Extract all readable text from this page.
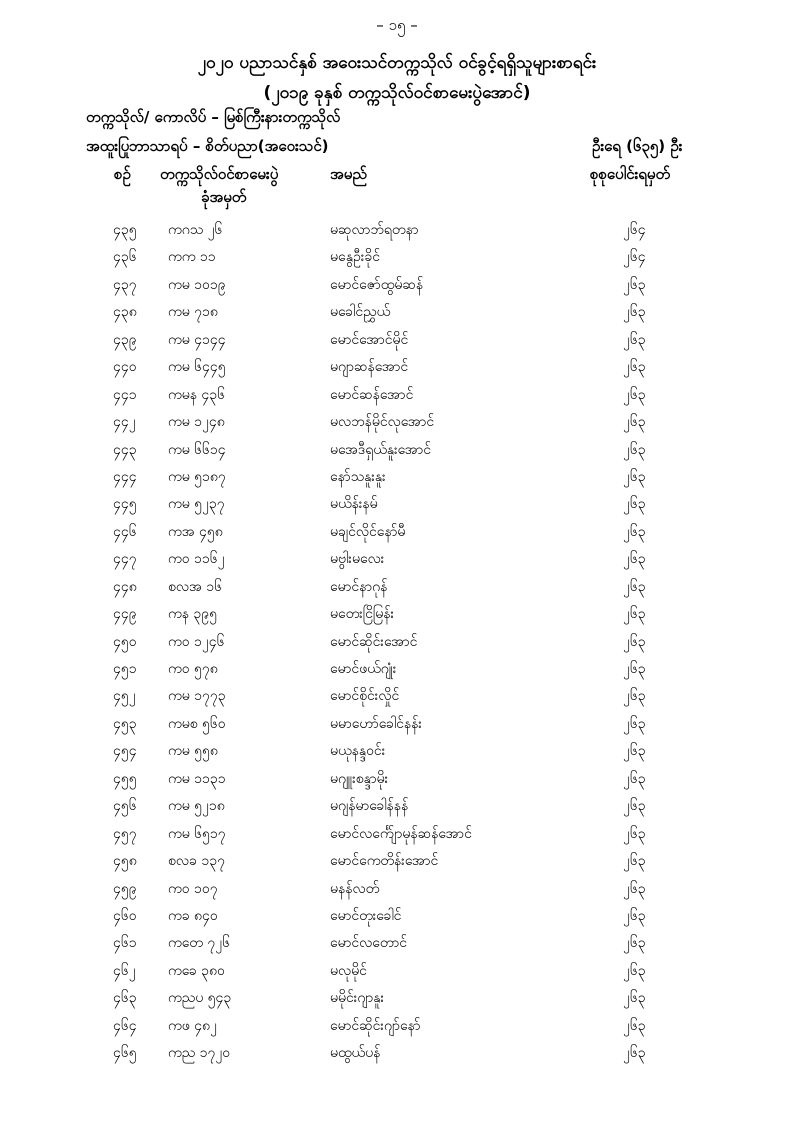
– ၁၅ –
၂၀၂၀ ပညာသင်နှစ် အဝေးသင်တက္ကသိုလ် ဝင်ခွင့်ရရှိသူများစာရင်း
(၂၀၁၉ ခုနှစ် တက္ကသိုလ်ဝင်စာမေးပွဲအောင်)
တက္ကသိုလ်/ ကောလိပ် – မြစ်ကြီးနားတက္ကသိုလ်
အထူးပြုဘာသာရပ် – စိတ်ပညာ(အဝေးသင်)	ဦးရေ (၆၃၅) ဦး
စဉ် တက္ကသိုလ်ဝင်စာမေးပွဲ
ခုံအမှတ်
အမည်	စုစုပေါင်းရမှတ်
၄၃၅ ကဂသ ၂၆	မဆုလာဘ်ရတနာ	၂၆၄
၄၃၆ ကက ၁၁	မနွေဦးခိုင်	၂၆၄
၄၃၇ ကမ ၁၀၁၉	မောင်ဇော်ထွမ်ဆန်	၂၆၃
၄၃၈ ကမ ၇၁၈	မခေါင်ညွှယ်	၂၆၃
၄၃၉ ကမ ၄၁၄၄	မောင်အောင်မိုင်	၂၆၃
၄၄၀ ကမ ၆၄၄၅	မဂျာဆန်အောင်	၂၆၃
၄၄၁ ကမန ၄၃၆	မောင်ဆန်အောင်	၂၆၃
၄၄၂ ကမ ၁၂၄၈	မလဘန်မိုင်လုအောင်	၂၆၃
၄၄၃ ကမ ၆၆၁၄	မအေဒီရှယ်နူးအောင်	၂၆၃
၄၄၄ ကမ ၅၁၈၇	နော်သနူးနူး	၂၆၃
၄၄၅ ကမ ၅၂၃၇	မယိန်းနမ်	၂၆၃
၄၄၆ ကအ ၄၅၈	မချင်လိုင်နော်မီ	၂၆၃
၄၄၇ ကဝ ၁၁၆၂	မဗွါးမလေး	၂၆၃
၄၄၈ စလအ ၁၆	မောင်နာဂုန်	၂၆၃
၄၄၉ ကန ၃၉၅	မတေးငြိမြန်း	၂၆၃
၄၅၀ ကဝ ၁၂၄၆	မောင်ဆိုင်းအောင်	၂၆၃
၄၅၁ ကဝ ၅၇၈	မောင်ဖယ်ဂျုံး	၂၆၃
၄၅၂ ကမ ၁၇၇၃	မောင်စိုင်းလှိုင်	၂၆၃
၄၅၃ ကမစ ၅၆၀	မမာဟော်ခေါင်နန်း	၂၆၃
၄၅၄ ကမ ၅၅၈	မယုနန္ဒဝင်း	၂၆၃
၄၅၅ ကမ ၁၁၃၁	မဂျူးစန္ဒာမိုး	၂၆၃
၄၅၆ ကမ ၅၂၁၈	မဂျန်မာခေါန်နန်	၂၆၃
၄၅၇ ကမ ၆၅၁၇	မောင်လင်္ကျော်မုန်ဆန်အောင်	၂၆၃
၄၅၈ စလခ ၁၃၇	မောင်ကေတိန်းအောင်	၂၆၃
၄၅၉ ကဝ ၁၀၇	မနန်လတ်	၂၆၃
၄၆၀ ကခ ၈၄၀	မောင်တုးခေါင်	၂၆၃
၄၆၁ ကတေ ၇၂၆	မောင်လတောင်	၂၆၃
၄၆၂ ကခေ ၃၈၀	မလုမိုင်	၂၆၃
၄၆၃ ကညပ ၅၄၃	မမိုင်းဂျာနူး	၂၆၃
၄၆၄ ကဖ ၄၈၂	မောင်ဆိုင်းဂျာ်နော်	၂၆၃
၄၆၅ ကည ၁၇၂၀	မထွယ်ပန်	၂၆၃
